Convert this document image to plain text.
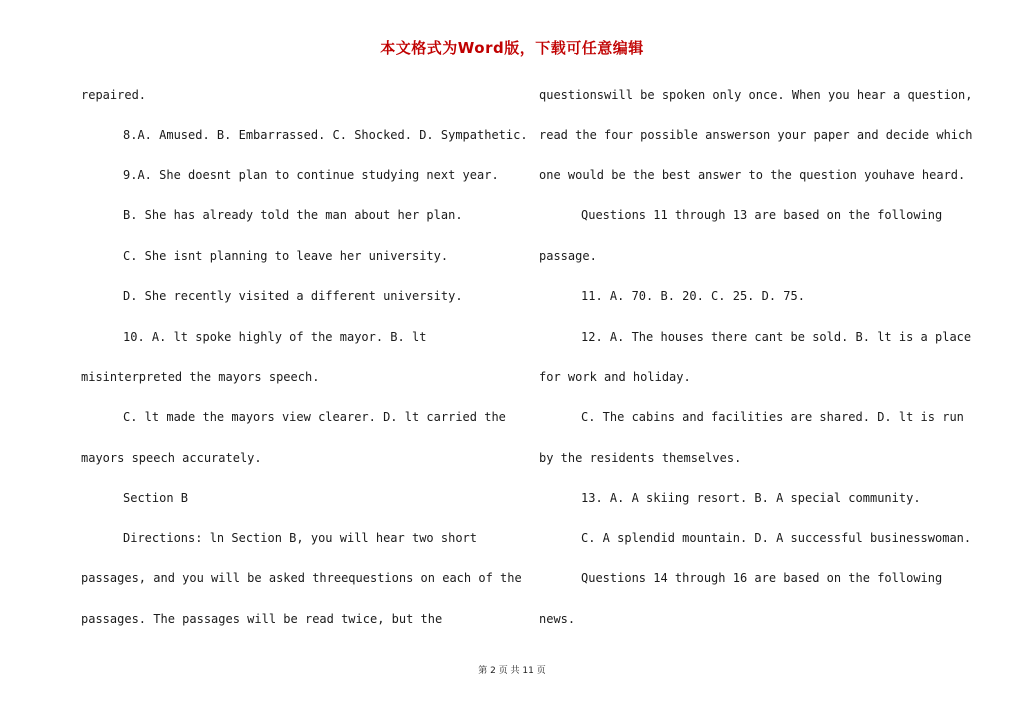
本文格式为Word版，下载可任意编辑
repaired.
8.A. Amused. B. Embarrassed. C. Shocked. D. Sympathetic.
9.A. She doesnt plan to continue studying next year.
B. She has already told the man about her plan.
C. She isnt planning to leave her university.
D. She recently visited a different university.
10. A. lt spoke highly of the mayor. B. lt
misinterpreted the mayors speech.
C. lt made the mayors view clearer. D. lt carried the
mayors speech accurately.
Section B
Directions: ln Section B, you will hear two short
passages, and you will be asked threequestions on each of the
passages. The passages will be read twice, but the
questionswill be spoken only once. When you hear a question,
read the four possible answerson your paper and decide which
one would be the best answer to the question youhave heard.
Questions 11 through 13 are based on the following
passage.
11. A. 70. B. 20. C. 25. D. 75.
12. A. The houses there cant be sold. B. lt is a place
for work and holiday.
C. The cabins and facilities are shared. D. lt is run
by the residents themselves.
13. A. A skiing resort. B. A special community.
C. A splendid mountain. D. A successful businesswoman.
Questions 14 through 16 are based on the following
news.
第 2 页 共 11 页
